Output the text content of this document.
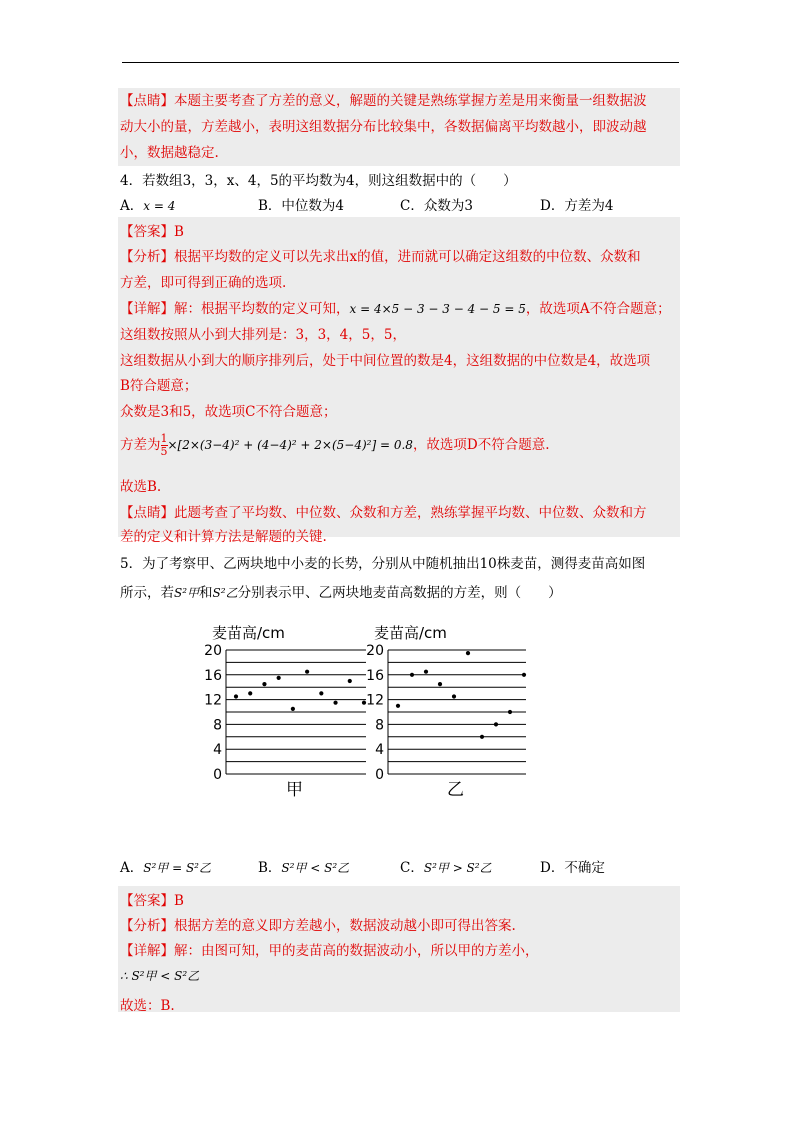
【点睛】本题主要考查了方差的意义，解题的关键是熟练掌握方差是用来衡量一组数据波
动大小的量，方差越小，表明这组数据分布比较集中，各数据偏离平均数越小，即波动越
小，数据越稳定.
4．若数组3，3，x、4，5的平均数为4，则这组数据中的（　　）
A．x = 4	B．中位数为4	C．众数为3	D．方差为4
【答案】B
【分析】根据平均数的定义可以先求出x的值，进而就可以确定这组数的中位数、众数和
方差，即可得到正确的选项.
【详解】解：根据平均数的定义可知，x = 4×5 − 3 − 3 − 4 − 5 = 5，故选项A不符合题意；
这组数按照从小到大排列是：3，3，4，5，5，
这组数据从小到大的顺序排列后，处于中间位置的数是4，这组数据的中位数是4，故选项
B符合题意；
众数是3和5，故选项C不符合题意；
方差为 $\frac{1}{5} \times[2\times(3-4)^2 + (4-4)^2 + 2\times(5-4)^2] = 0.8$，故选项D不符合题意.
故选B.
【点睛】此题考查了平均数、中位数、众数和方差，熟练掌握平均数、中位数、众数和方
差的定义和计算方法是解题的关键.
5．为了考察甲、乙两块地中小麦的长势，分别从中随机抽出10株麦苗，测得麦苗高如图
所示，若S²甲和S²乙分别表示甲、乙两块地麦苗高数据的方差，则（　　）
麦苗高/cm
0
4
8
12
16
20
甲
麦苗高/cm
0
4
8
12
16
20
乙
A．S²甲 = S²乙	B．S²甲 < S²乙	C．S²甲 > S²乙	D．不确定
【答案】B
【分析】根据方差的意义即方差越小，数据波动越小即可得出答案.
【详解】解：由图可知，甲的麦苗高的数据波动小，所以甲的方差小，
∴ S²甲 < S²乙
故选：B.
